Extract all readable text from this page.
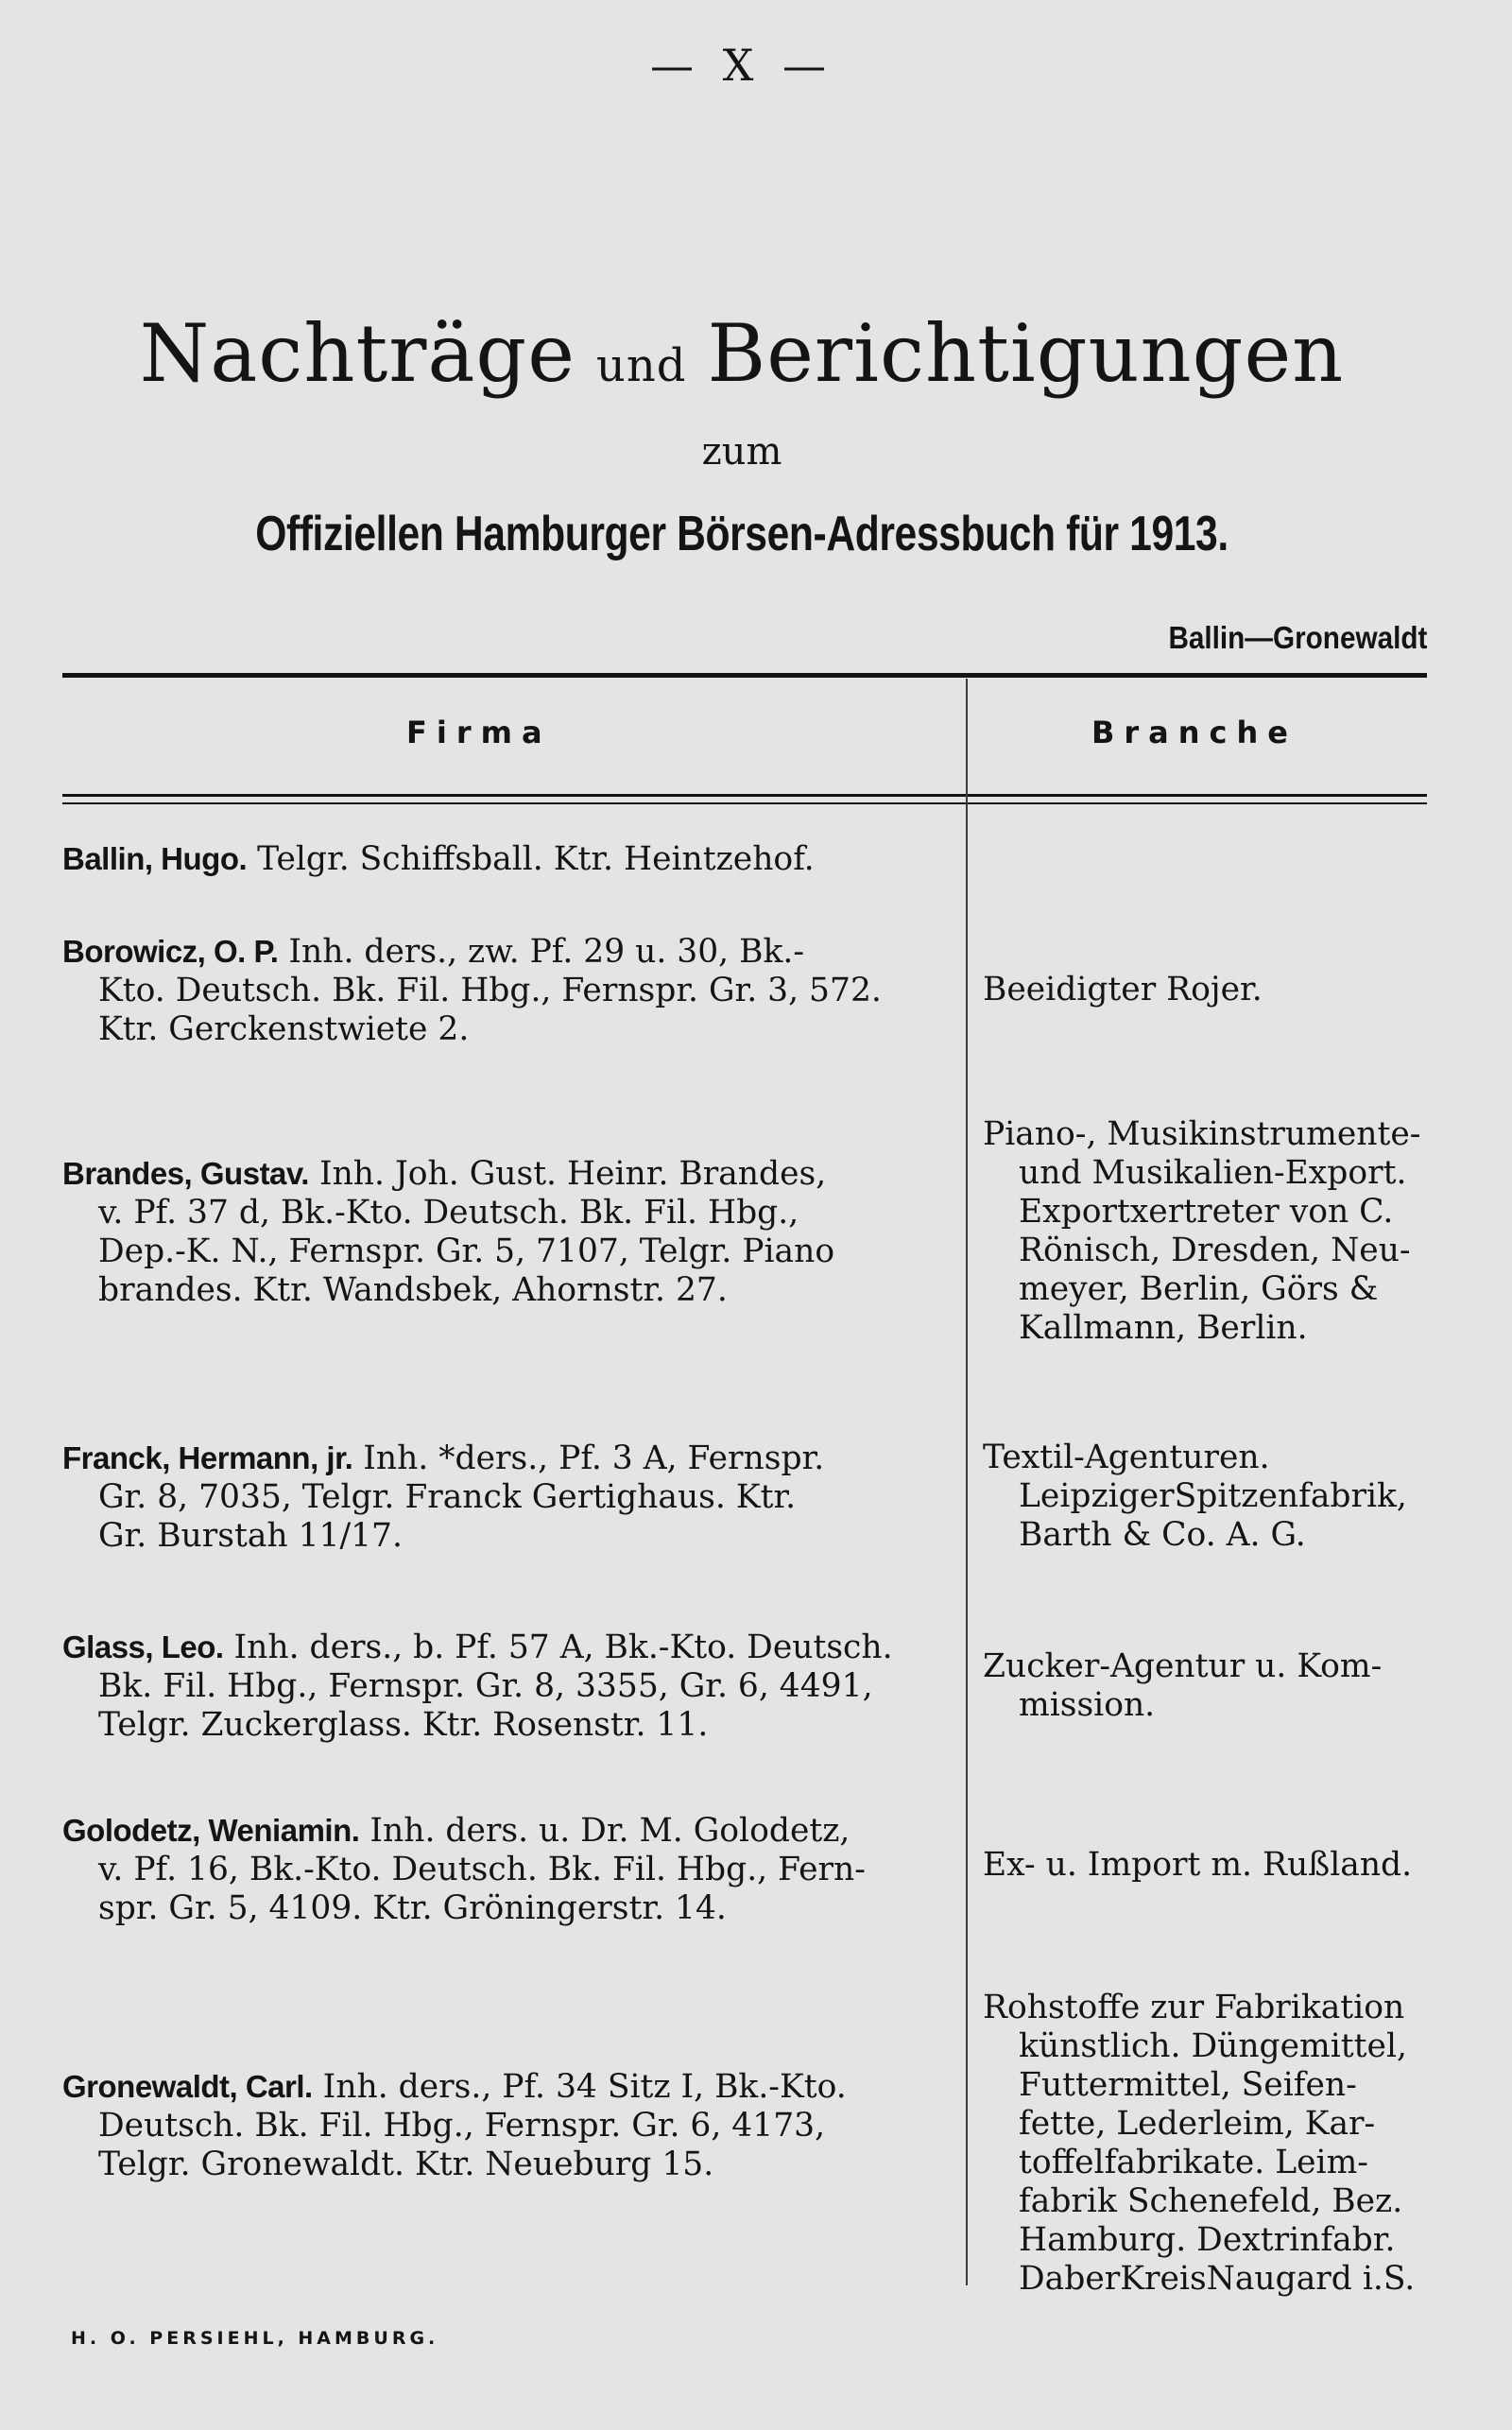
— X —
Nachträge und Berichtigungen
zum
Offiziellen Hamburger Börsen-Adressbuch für 1913.
Ballin—Gronewaldt
Firma	Branche
Ballin, Hugo. Telgr. Schiffsball. Ktr. Heintzehof.
Borowicz, O. P. Inh. ders., zw. Pf. 29 u. 30, Bk.-
Kto. Deutsch. Bk. Fil. Hbg., Fernspr. Gr. 3, 572.
Ktr. Gerckenstwiete 2.
Beeidigter Rojer.
Brandes, Gustav. Inh. Joh. Gust. Heinr. Brandes,
v. Pf. 37 d, Bk.-Kto. Deutsch. Bk. Fil. Hbg.,
Dep.-K. N., Fernspr. Gr. 5, 7107, Telgr. Piano
brandes. Ktr. Wandsbek, Ahornstr. 27.
Piano-, Musikinstrumente-
und Musikalien-Export.
Exportxertreter von C.
Rönisch, Dresden, Neu-
meyer, Berlin, Görs &
Kallmann, Berlin.
Franck, Hermann, jr. Inh. *ders., Pf. 3 A, Fernspr.
Gr. 8, 7035, Telgr. Franck Gertighaus. Ktr.
Gr. Burstah 11/17.
Textil-Agenturen.
LeipzigerSpitzenfabrik,
Barth & Co. A. G.
Glass, Leo. Inh. ders., b. Pf. 57 A, Bk.-Kto. Deutsch.
Bk. Fil. Hbg., Fernspr. Gr. 8, 3355, Gr. 6, 4491,
Telgr. Zuckerglass. Ktr. Rosenstr. 11.
Zucker-Agentur u. Kom-
mission.
Golodetz, Weniamin. Inh. ders. u. Dr. M. Golodetz,
v. Pf. 16, Bk.-Kto. Deutsch. Bk. Fil. Hbg., Fern-
spr. Gr. 5, 4109. Ktr. Gröningerstr. 14.
Ex- u. Import m. Rußland.
Gronewaldt, Carl. Inh. ders., Pf. 34 Sitz I, Bk.-Kto.
Deutsch. Bk. Fil. Hbg., Fernspr. Gr. 6, 4173,
Telgr. Gronewaldt. Ktr. Neueburg 15.
Rohstoffe zur Fabrikation
künstlich. Düngemittel,
Futtermittel, Seifen-
fette, Lederleim, Kar-
toffelfabrikate. Leim-
fabrik Schenefeld, Bez.
Hamburg. Dextrinfabr.
DaberKreisNaugard i.S.
H. O. PERSIEHL, HAMBURG.
